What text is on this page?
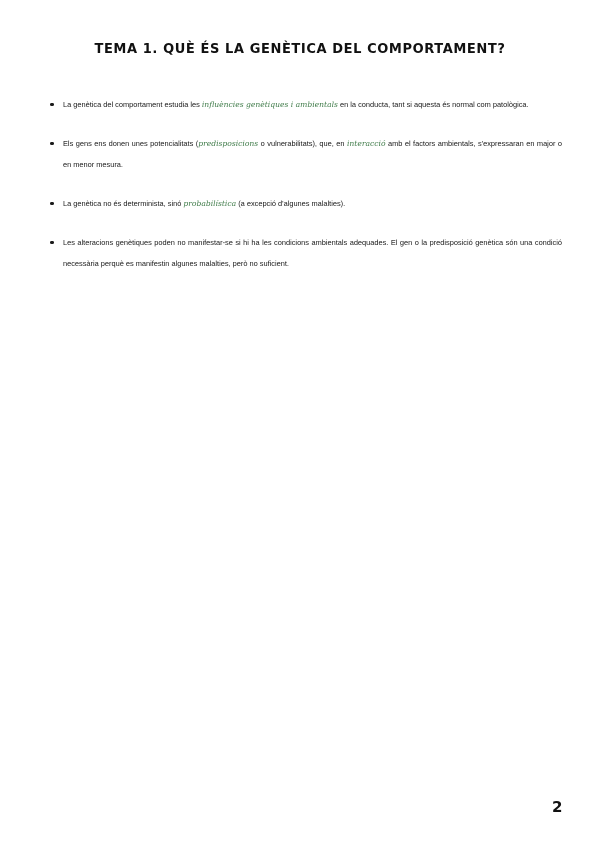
TEMA 1. QUÈ ÉS LA GENÈTICA DEL COMPORTAMENT?
La genètica del comportament estudia les influències genètiques i ambientals en la conducta, tant si aquesta és normal com patològica.
Els gens ens donen unes potencialitats (predisposicions o vulnerabilitats), que, en interacció amb el factors ambientals, s'expressaran en major o en menor mesura.
La genètica no és determinista, sinó probabilística (a excepció d'algunes malalties).
Les alteracions genètiques poden no manifestar-se si hi ha les condicions ambientals adequades. El gen o la predisposició genètica són una condició necessària perquè es manifestin algunes malalties, però no suficient.
2
